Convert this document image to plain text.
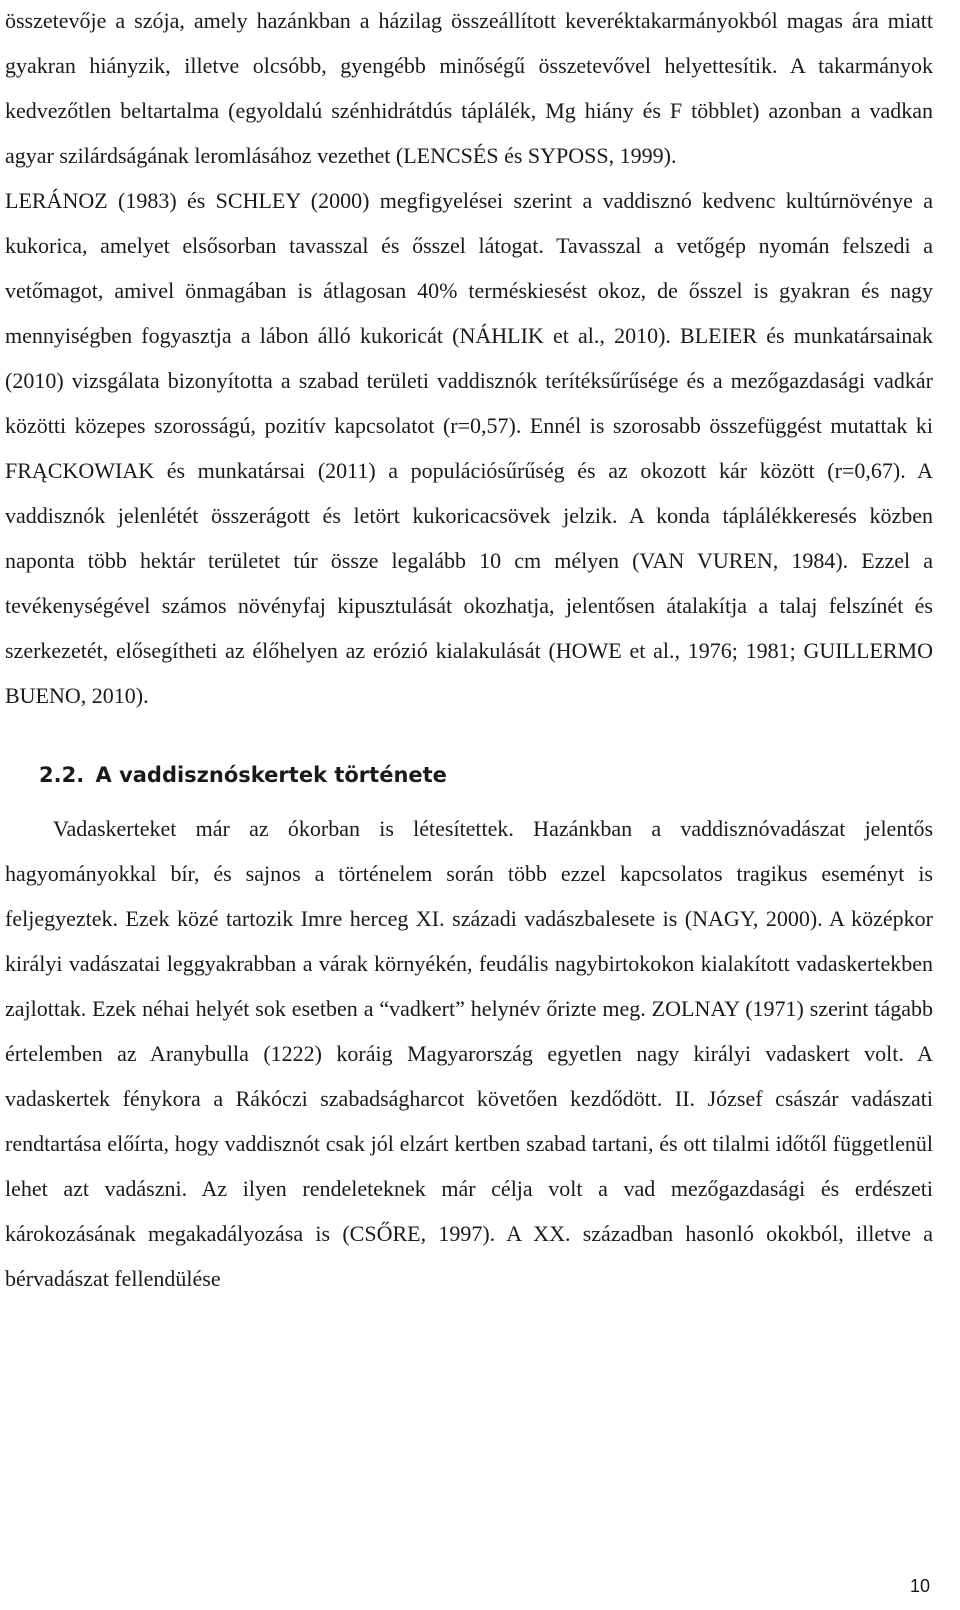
összetevője a szója, amely hazánkban a házilag összeállított keveréktakarmányokból magas ára miatt gyakran hiányzik, illetve olcsóbb, gyengébb minőségű összetevővel helyettesítik. A takarmányok kedvezőtlen beltartalma (egyoldalú szénhidrátdús táplálék, Mg hiány és F többlet) azonban a vadkan agyar szilárdságának leromlásához vezethet (LENCSÉS és SYPOSS, 1999).

LERÁNOZ (1983) és SCHLEY (2000) megfigyelései szerint a vaddisznó kedvenc kultúrnövénye a kukorica, amelyet elsősorban tavasszal és ősszel látogat. Tavasszal a vetőgép nyomán felszedi a vetőmagot, amivel önmagában is átlagosan 40% terméskiesést okoz, de ősszel is gyakran és nagy mennyiségben fogyasztja a lábon álló kukoricát (NÁHLIK et al., 2010). BLEIER és munkatársainak (2010) vizsgálata bizonyította a szabad területi vaddisznók terítéksűrűsége és a mezőgazdasági vadkár közötti közepes szorosságú, pozitív kapcsolatot (r=0,57). Ennél is szorosabb összefüggést mutattak ki FRĄCKOWIAK és munkatársai (2011) a populációsűrűség és az okozott kár között (r=0,67). A vaddisznók jelenlétét összerágott és letört kukoricacsövek jelzik. A konda táplálékkeresés közben naponta több hektár területet túr össze legalább 10 cm mélyen (VAN VUREN, 1984). Ezzel a tevékenységével számos növényfaj kipusztulását okozhatja, jelentősen átalakítja a talaj felszínét és szerkezetét, elősegítheti az élőhelyen az erózió kialakulását (HOWE et al., 1976; 1981; GUILLERMO BUENO, 2010).

2.2. A vaddisznóskertek története

Vadaskerteket már az ókorban is létesítettek. Hazánkban a vaddisznóvadászat jelentős hagyományokkal bír, és sajnos a történelem során több ezzel kapcsolatos tragikus eseményt is feljegyeztek. Ezek közé tartozik Imre herceg XI. századi vadászbalesete is (NAGY, 2000). A középkor királyi vadászatai leggyakrabban a várak környékén, feudális nagybirtokokon kialakított vadaskertekben zajlottak. Ezek néhai helyét sok esetben a “vadkert” helynév őrizte meg. ZOLNAY (1971) szerint tágabb értelemben az Aranybulla (1222) koráig Magyarország egyetlen nagy királyi vadaskert volt. A vadaskertek fénykora a Rákóczi szabadságharcot követően kezdődött. II. József császár vadászati rendtartása előírta, hogy vaddisznót csak jól elzárt kertben szabad tartani, és ott tilalmi időtől függetlenül lehet azt vadászni. Az ilyen rendeleteknek már célja volt a vad mezőgazdasági és erdészeti károkozásának megakadályozása is (CSŐRE, 1997). A XX. században hasonló okokból, illetve a bérvadászat fellendülése

10
